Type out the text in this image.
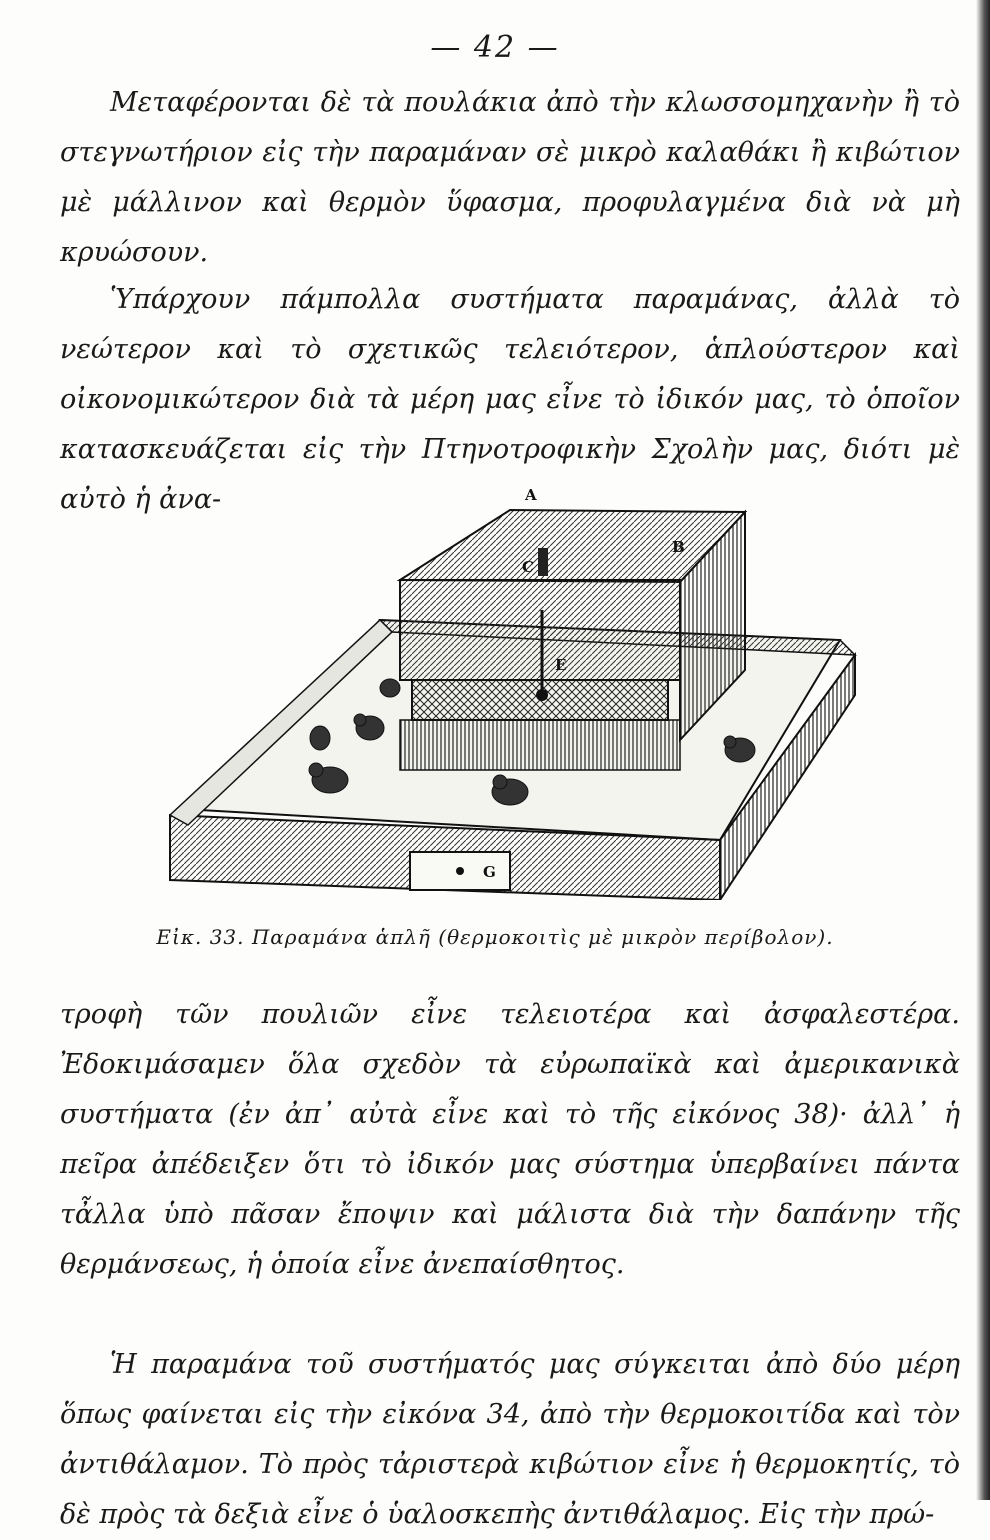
— 42 —

Μεταφέρονται δὲ τὰ πουλάκια ἀπὸ τὴν κλωσσομηχανὴν ἢ τὸ στεγνωτήριον εἰς τὴν παραμάναν σὲ μικρὸ καλαθάκι ἢ κιβώτιον μὲ μάλλινον καὶ θερμὸν ὕφασμα, προφυλαγμένα διὰ νὰ μὴ κρυώσουν.

Ὑπάρχουν πάμπολλα συστήματα παραμάνας, ἀλλὰ τὸ νεώτερον καὶ τὸ σχετικῶς τελειότερον, ἁπλούστερον καὶ οἰκονομικώτερον διὰ τὰ μέρη μας εἶνε τὸ ἰδικόν μας, τὸ ὁποῖον κατασκευάζεται εἰς τὴν Πτηνοτροφικὴν Σχολὴν μας, διότι μὲ αὐτὸ ἡ ἀνα-	A
B
C
E
G
Εἰκ. 33. Παραμάνα ἁπλῆ (θερμοκοιτὶς μὲ μικρὸν περίβολον).

τροφὴ τῶν πουλιῶν εἶνε τελειοτέρα καὶ ἀσφαλεστέρα. Ἐδοκιμάσαμεν ὅλα σχεδὸν τὰ εὐρωπαϊκὰ καὶ ἀμερικανικὰ συστήματα (ἐν ἀπ᾽ αὐτὰ εἶνε καὶ τὸ τῆς εἰκόνος 38)· ἀλλ᾽ ἡ πεῖρα ἀπέδειξεν ὅτι τὸ ἰδικόν μας σύστημα ὑπερβαίνει πάντα τἆλλα ὑπὸ πᾶσαν ἔποψιν καὶ μάλιστα διὰ τὴν δαπάνην τῆς θερμάνσεως, ἡ ὁποία εἶνε ἀνεπαίσθητος.

Ἡ παραμάνα τοῦ συστήματός μας σύγκειται ἀπὸ δύο μέρη ὅπως φαίνεται εἰς τὴν εἰκόνα 34, ἀπὸ τὴν θερμοκοιτίδα καὶ τὸν ἀντιθάλαμον. Τὸ πρὸς τἀριστερὰ κιβώτιον εἶνε ἡ θερμοκητίς, τὸ δὲ πρὸς τὰ δεξιὰ εἶνε ὁ ὑαλοσκεπὴς ἀντιθάλαμος. Εἰς τὴν πρώ-
